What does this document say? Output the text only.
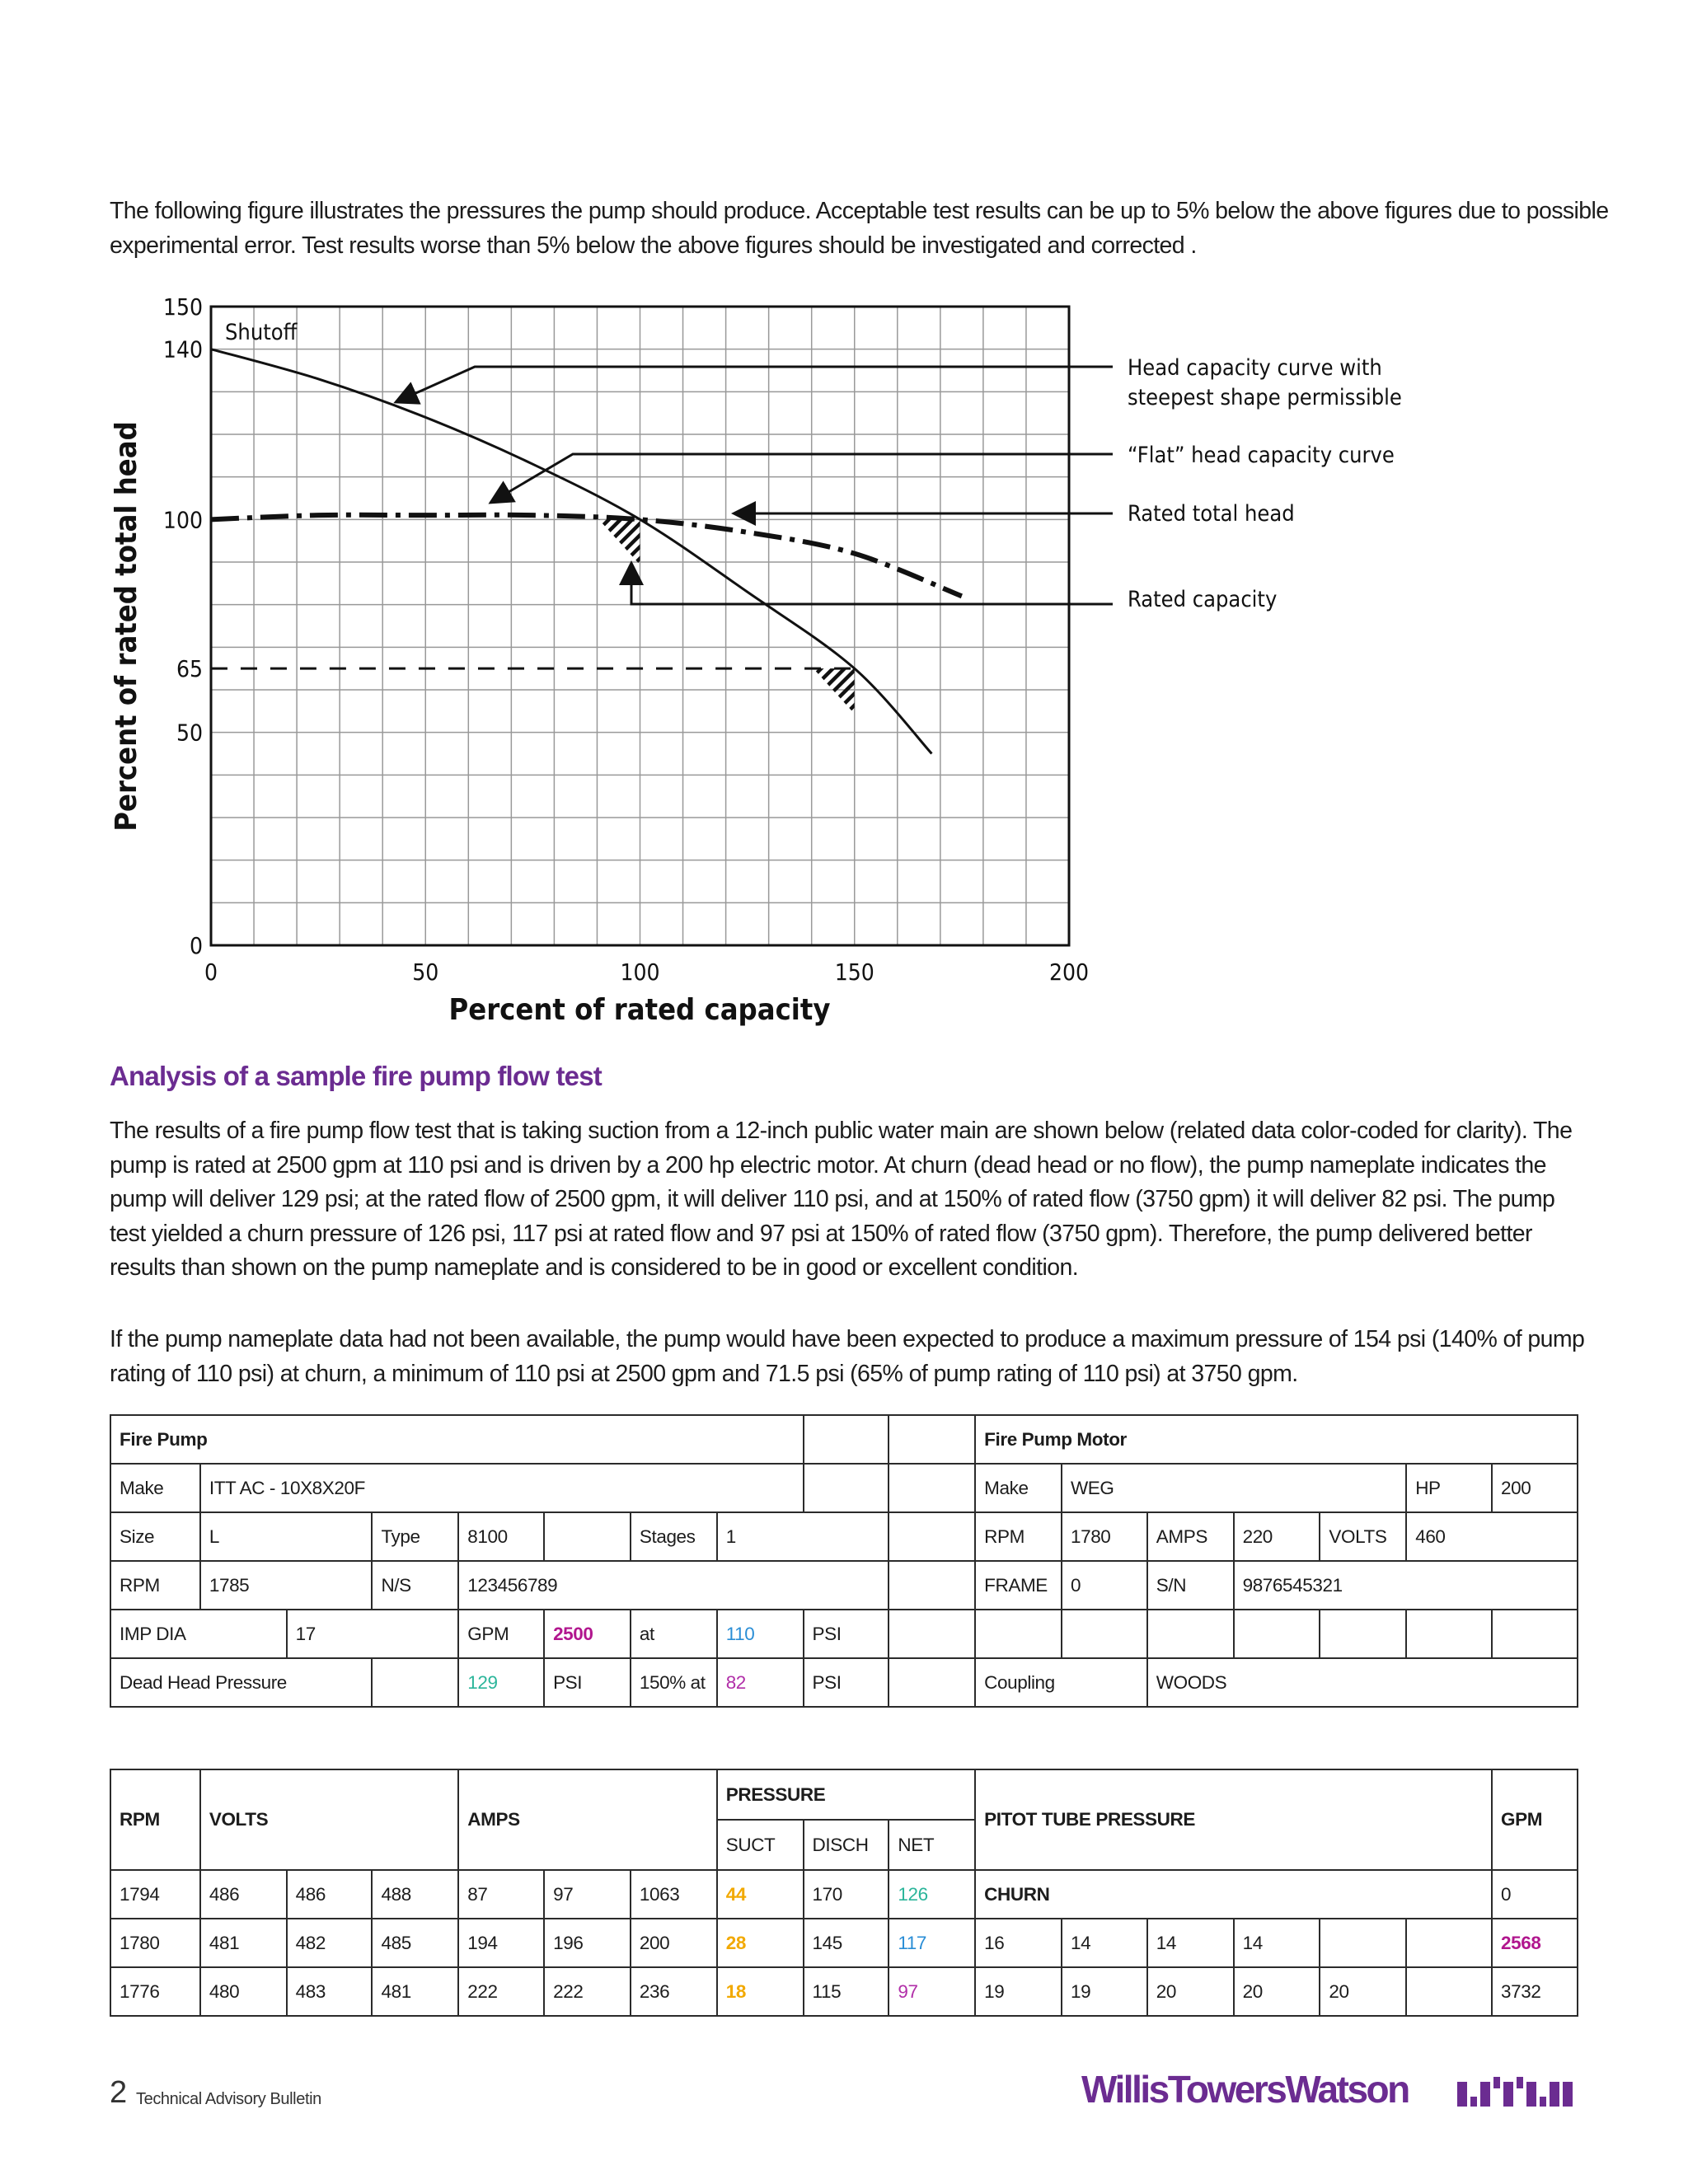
The following figure illustrates the pressures the pump should produce. Acceptable test results can be up to 5% below the above figures due to possible experimental error. Test results worse than 5% below the above figures should be investigated and corrected .

0	50	100	150	200
0
50
65
100
140
150
Shutoff
Head capacity curve with
steepest shape permissible
“Flat” head capacity curve
Rated total head
Rated capacity
Percent of rated capacity
Percent of rated total head
Analysis of a sample fire pump flow test

The results of a fire pump flow test that is taking suction from a 12-inch public water main are shown below (related data color-coded for clarity). The pump is rated at 2500 gpm at 110 psi and is driven by a 200 hp electric motor. At churn (dead head or no flow), the pump nameplate indicates the pump will deliver 129 psi; at the rated flow of 2500 gpm, it will deliver 110 psi, and at 150% of rated flow (3750 gpm) it will deliver 82 psi. The pump test yielded a churn pressure of 126 psi, 117 psi at rated flow and 97 psi at 150% of rated flow (3750 gpm). Therefore, the pump delivered better results than shown on the pump nameplate and is considered to be in good or excellent condition.

If the pump nameplate data had not been available, the pump would have been expected to produce a maximum pressure of 154 psi (140% of pump rating of 110 psi) at churn, a minimum of 110 psi at 2500 gpm and 71.5 psi (65% of pump rating of 110 psi) at 3750 gpm.

Fire Pump										Fire Pump Motor						
Make	ITT AC - 10X8X20F									Make	WEG				HP	200
Size	L		Type	8100		Stages	1			RPM	1780	AMPS	220	VOLTS	460	
RPM	1785		N/S	123456789						FRAME	0	S/N	9876545321			
IMP DIA		17		GPM	2500	at	110	PSI								
Dead Head Pressure				129	PSI	150% at	82	PSI		Coupling		WOODS				
RPM	VOLTS			AMPS			PRESSURE			PITOT TUBE PRESSURE						GPM
							SUCT	DISCH	NET							
1794	486	486	488	87	97	1063	44	170	126	CHURN						0
1780	481	482	485	194	196	200	28	145	117	16	14	14	14			2568
1776	480	483	481	222	222	236	18	115	97	19	19	20	20	20		3732
2 Technical Advisory Bulletin	WillisTowersWatson
